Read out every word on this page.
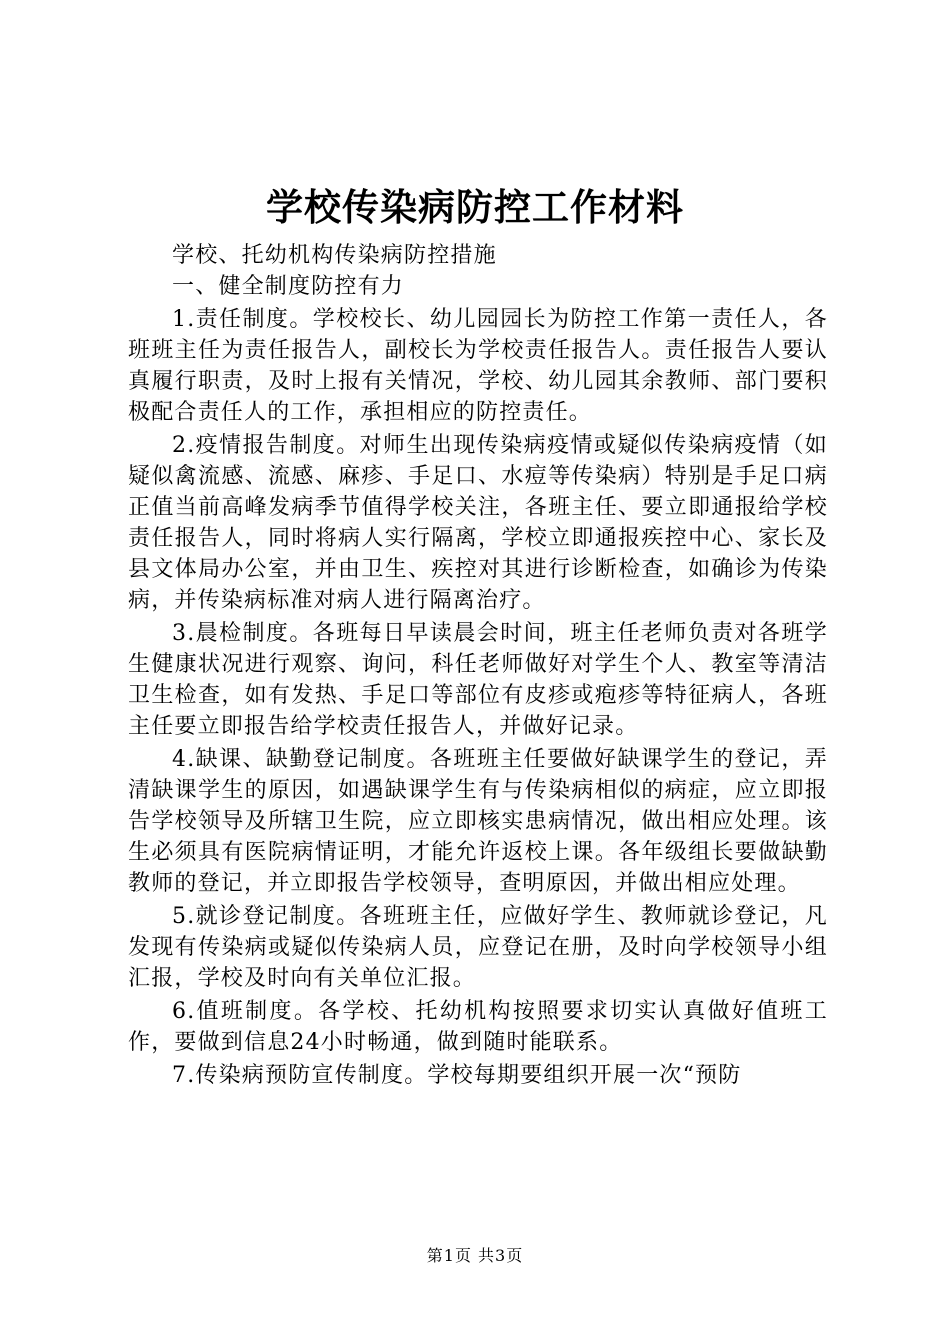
学校传染病防控工作材料

学校、托幼机构传染病防控措施

一、健全制度防控有力

1.责任制度。学校校长、幼儿园园长为防控工作第一责任人，各班班主任为责任报告人，副校长为学校责任报告人。责任报告人要认真履行职责，及时上报有关情况，学校、幼儿园其余教师、部门要积极配合责任人的工作，承担相应的防控责任。

2.疫情报告制度。对师生出现传染病疫情或疑似传染病疫情（如疑似禽流感、流感、麻疹、手足口、水痘等传染病）特别是手足口病正值当前高峰发病季节值得学校关注，各班主任、要立即通报给学校责任报告人，同时将病人实行隔离，学校立即通报疾控中心、家长及县文体局办公室，并由卫生、疾控对其进行诊断检查，如确诊为传染病，并传染病标准对病人进行隔离治疗。

3.晨检制度。各班每日早读晨会时间，班主任老师负责对各班学生健康状况进行观察、询问，科任老师做好对学生个人、教室等清洁卫生检查，如有发热、手足口等部位有皮疹或疱疹等特征病人，各班主任要立即报告给学校责任报告人，并做好记录。

4.缺课、缺勤登记制度。各班班主任要做好缺课学生的登记，弄清缺课学生的原因，如遇缺课学生有与传染病相似的病症，应立即报告学校领导及所辖卫生院，应立即核实患病情况，做出相应处理。该生必须具有医院病情证明，才能允许返校上课。各年级组长要做缺勤教师的登记，并立即报告学校领导，查明原因，并做出相应处理。

5.就诊登记制度。各班班主任，应做好学生、教师就诊登记，凡发现有传染病或疑似传染病人员，应登记在册，及时向学校领导小组汇报，学校及时向有关单位汇报。

6.值班制度。各学校、托幼机构按照要求切实认真做好值班工作，要做到信息24小时畅通，做到随时能联系。

7.传染病预防宣传制度。学校每期要组织开展一次“预防

第1页 共3页
